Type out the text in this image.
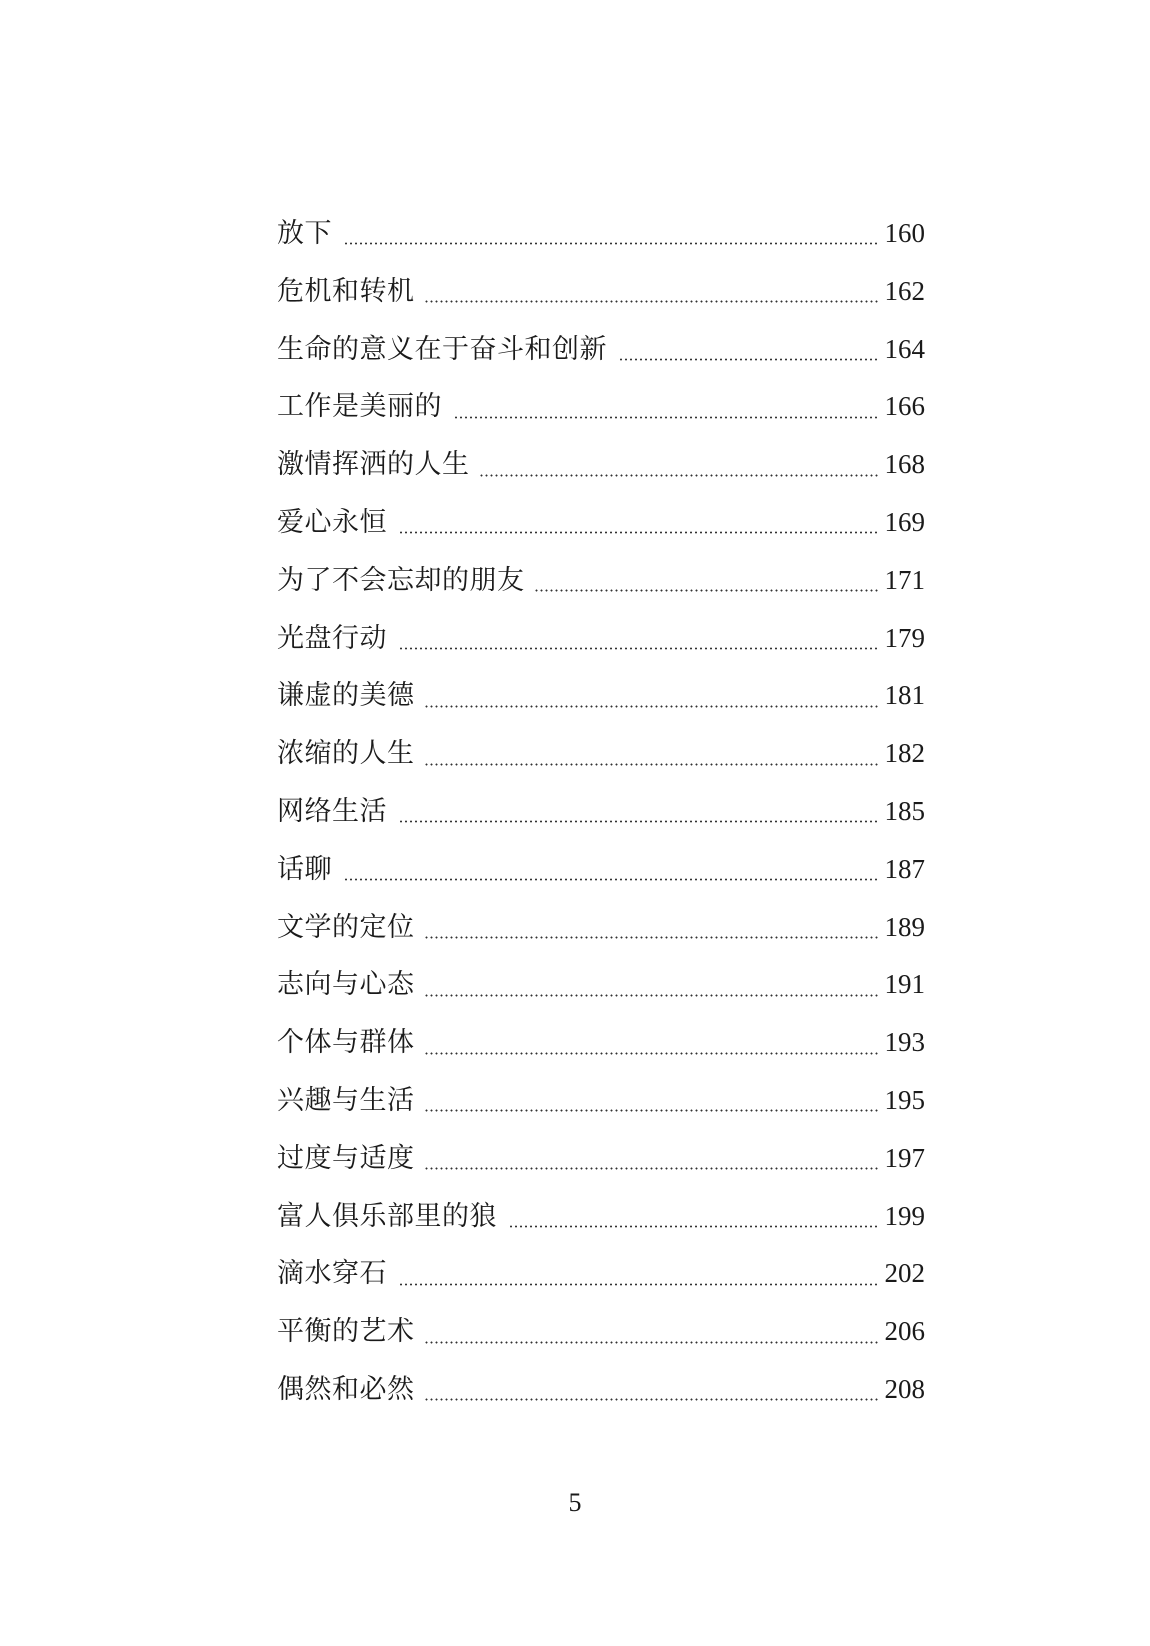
放下	160
危机和转机	162
生命的意义在于奋斗和创新	164
工作是美丽的	166
激情挥洒的人生	168
爱心永恒	169
为了不会忘却的朋友	171
光盘行动	179
谦虚的美德	181
浓缩的人生	182
网络生活	185
话聊	187
文学的定位	189
志向与心态	191
个体与群体	193
兴趣与生活	195
过度与适度	197
富人俱乐部里的狼	199
滴水穿石	202
平衡的艺术	206
偶然和必然	208
5
